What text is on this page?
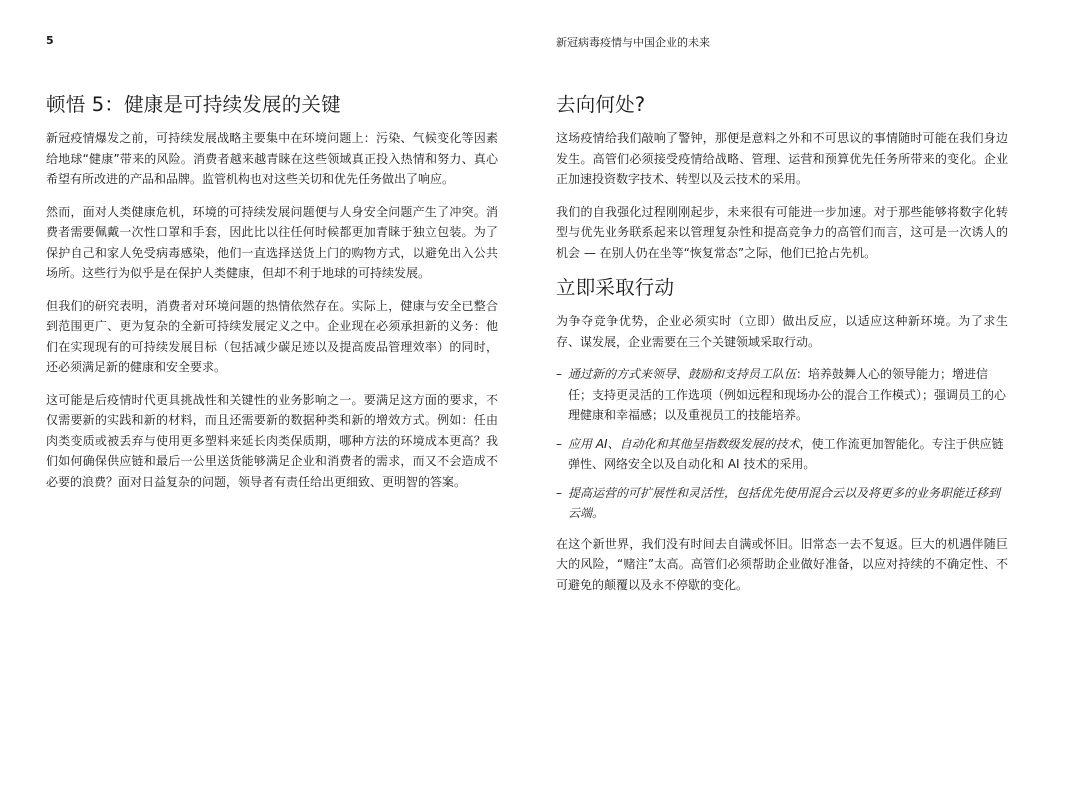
5	新冠病毒疫情与中国企业的未来
顿悟 5：健康是可持续发展的关键

新冠疫情爆发之前，可持续发展战略主要集中在环境问题上：污染、气候变化等因素给地球“健康”带来的风险。消费者越来越青睐在这些领域真正投入热情和努力、真心希望有所改进的产品和品牌。监管机构也对这些关切和优先任务做出了响应。

然而，面对人类健康危机，环境的可持续发展问题便与人身安全问题产生了冲突。消费者需要佩戴一次性口罩和手套，因此比以往任何时候都更加青睐于独立包装。为了保护自己和家人免受病毒感染，他们一直选择送货上门的购物方式，以避免出入公共场所。这些行为似乎是在保护人类健康，但却不利于地球的可持续发展。

但我们的研究表明，消费者对环境问题的热情依然存在。实际上，健康与安全已整合到范围更广、更为复杂的全新可持续发展定义之中。企业现在必须承担新的义务：他们在实现现有的可持续发展目标（包括减少碳足迹以及提高废品管理效率）的同时，还必须满足新的健康和安全要求。

这可能是后疫情时代更具挑战性和关键性的业务影响之一。要满足这方面的要求，不仅需要新的实践和新的材料，而且还需要新的数据种类和新的增效方式。例如：任由肉类变质或被丢弃与使用更多塑料来延长肉类保质期，哪种方法的环境成本更高？我们如何确保供应链和最后一公里送货能够满足企业和消费者的需求，而又不会造成不必要的浪费？面对日益复杂的问题，领导者有责任给出更细致、更明智的答案。

去向何处?

这场疫情给我们敲响了警钟，那便是意料之外和不可思议的事情随时可能在我们身边发生。高管们必须接受疫情给战略、管理、运营和预算优先任务所带来的变化。企业正加速投资数字技术、转型以及云技术的采用。

我们的自我强化过程刚刚起步，未来很有可能进一步加速。对于那些能够将数字化转型与优先业务联系起来以管理复杂性和提高竞争力的高管们而言，这可是一次诱人的机会 — 在别人仍在坐等“恢复常态”之际，他们已抢占先机。

立即采取行动

为争夺竞争优势，企业必须实时（立即）做出反应，以适应这种新环境。为了求生存、谋发展，企业需要在三个关键领域采取行动。

– 通过新的方式来领导、鼓励和支持员工队伍：培养鼓舞人心的领导能力；增进信任；支持更灵活的工作选项（例如远程和现场办公的混合工作模式）；强调员工的心理健康和幸福感；以及重视员工的技能培养。
– 应用 AI、自动化和其他呈指数级发展的技术，使工作流更加智能化。专注于供应链弹性、网络安全以及自动化和 AI 技术的采用。
– 提高运营的可扩展性和灵活性，包括优先使用混合云以及将更多的业务职能迁移到云端。

在这个新世界，我们没有时间去自满或怀旧。旧常态一去不复返。巨大的机遇伴随巨大的风险，“赌注”太高。高管们必须帮助企业做好准备，以应对持续的不确定性、不可避免的颠覆以及永不停歇的变化。
